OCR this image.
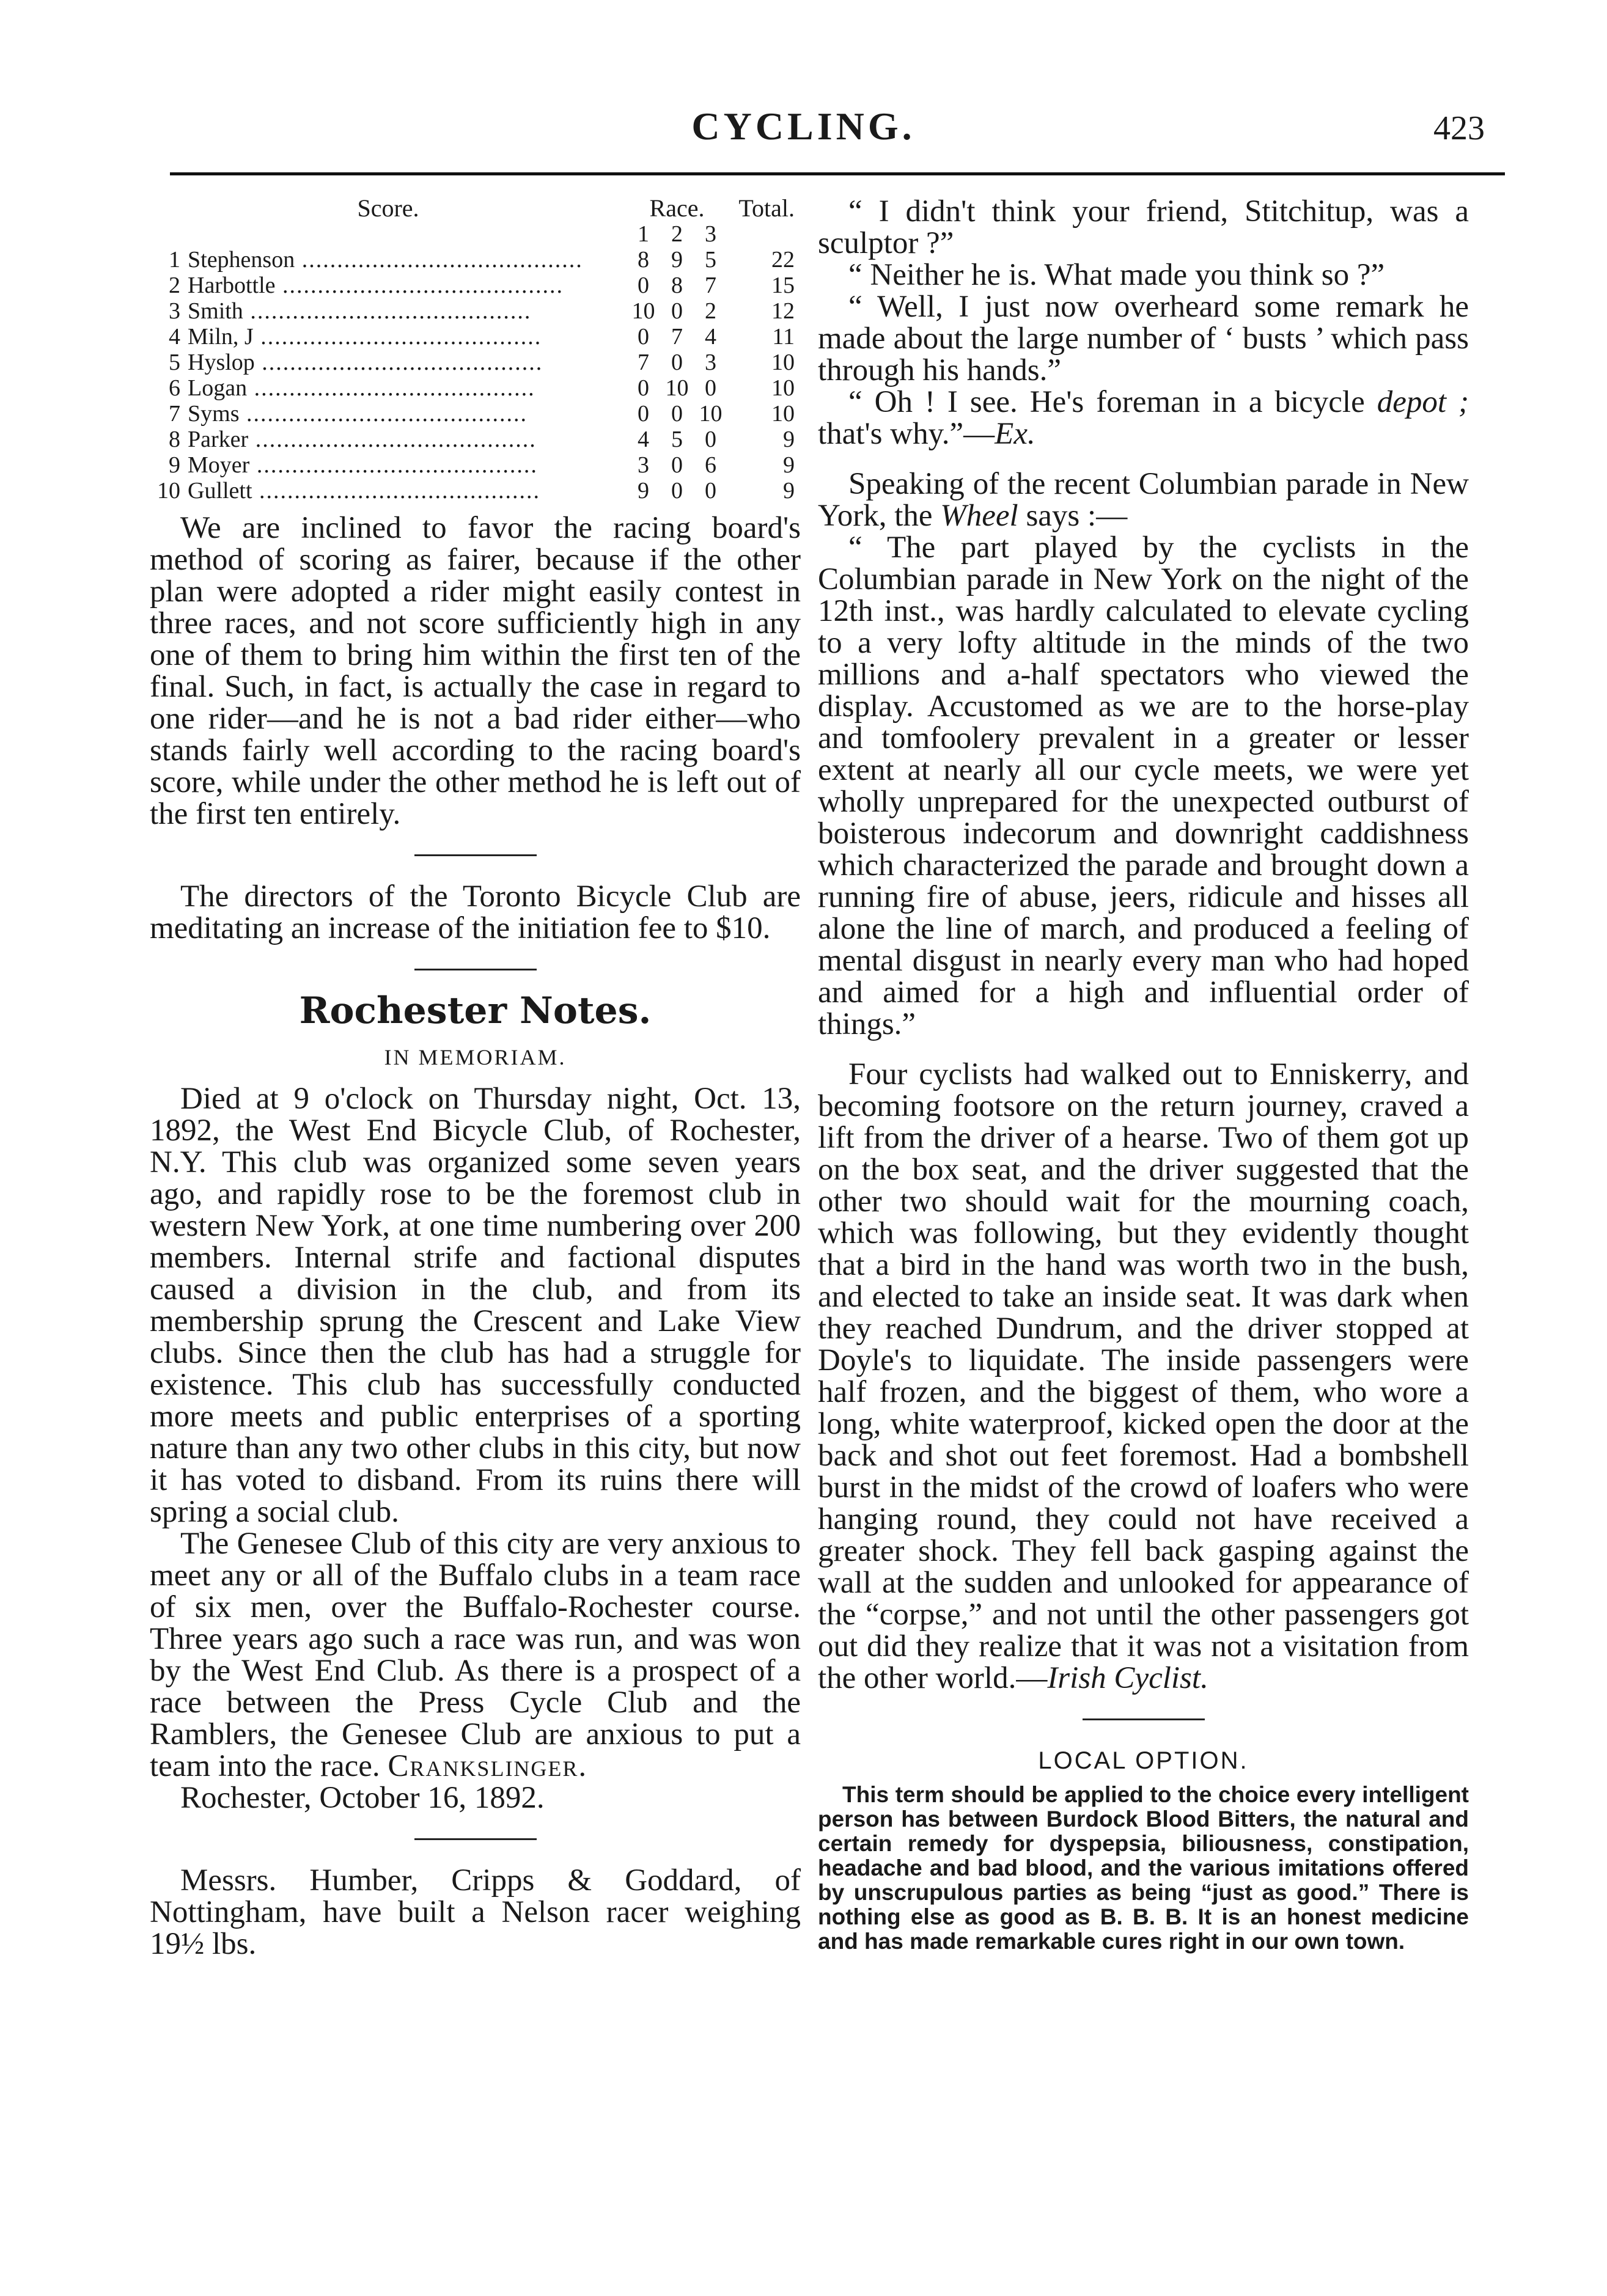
CYCLING.	423
Score.	Race.			Total.
	1	2	3	
1 Stephenson ........................................	8	9	5	22
2 Harbottle ........................................	0	8	7	15
3 Smith ........................................	10	0	2	12
4 Miln, J ........................................	0	7	4	11
5 Hyslop ........................................	7	0	3	10
6 Logan ........................................	0	10	0	10
7 Syms ........................................	0	0	10	10
8 Parker ........................................	4	5	0	9
9 Moyer ........................................	3	0	6	9
10 Gullett ........................................	9	0	0	9

We are inclined to favor the racing board's method of scoring as fairer, because if the other plan were adopted a rider might easily contest in three races, and not score sufficiently high in any one of them to bring him within the first ten of the final. Such, in fact, is actually the case in regard to one rider—and he is not a bad rider either—who stands fairly well according to the racing board's score, while under the other method he is left out of the first ten entirely.

The directors of the Toronto Bicycle Club are meditating an increase of the initiation fee to $10.

Rochester Notes.
IN MEMORIAM.

Died at 9 o'clock on Thursday night, Oct. 13, 1892, the West End Bicycle Club, of Rochester, N.Y. This club was organized some seven years ago, and rapidly rose to be the foremost club in western New York, at one time numbering over 200 members. Internal strife and factional disputes caused a division in the club, and from its membership sprung the Crescent and Lake View clubs. Since then the club has had a struggle for existence. This club has successfully conducted more meets and public enterprises of a sporting nature than any two other clubs in this city, but now it has voted to disband. From its ruins there will spring a social club.

The Genesee Club of this city are very anxious to meet any or all of the Buffalo clubs in a team race of six men, over the Buffalo-Rochester course. Three years ago such a race was run, and was won by the West End Club. As there is a prospect of a race between the Press Cycle Club and the Ramblers, the Genesee Club are anxious to put a team into the race. Crankslinger.

Rochester, October 16, 1892.

Messrs. Humber, Cripps & Goddard, of Nottingham, have built a Nelson racer weighing 19½ lbs.

“ I didn't think your friend, Stitchitup, was a sculptor ?”

“ Neither he is. What made you think so ?”

“ Well, I just now overheard some remark he made about the large number of ‘ busts ’ which pass through his hands.”

“ Oh ! I see. He's foreman in a bicycle depot ; that's why.”—Ex.

Speaking of the recent Columbian parade in New York, the Wheel says :—

“ The part played by the cyclists in the Columbian parade in New York on the night of the 12th inst., was hardly calculated to elevate cycling to a very lofty altitude in the minds of the two millions and a-half spectators who viewed the display. Accustomed as we are to the horse-play and tomfoolery prevalent in a greater or lesser extent at nearly all our cycle meets, we were yet wholly unprepared for the unexpected outburst of boisterous indecorum and downright caddishness which characterized the parade and brought down a running fire of abuse, jeers, ridicule and hisses all alone the line of march, and produced a feeling of mental disgust in nearly every man who had hoped and aimed for a high and influential order of things.”

Four cyclists had walked out to Enniskerry, and becoming footsore on the return journey, craved a lift from the driver of a hearse. Two of them got up on the box seat, and the driver suggested that the other two should wait for the mourning coach, which was following, but they evidently thought that a bird in the hand was worth two in the bush, and elected to take an inside seat. It was dark when they reached Dundrum, and the driver stopped at Doyle's to liquidate. The inside passengers were half frozen, and the biggest of them, who wore a long, white waterproof, kicked open the door at the back and shot out feet foremost. Had a bombshell burst in the midst of the crowd of loafers who were hanging round, they could not have received a greater shock. They fell back gasping against the wall at the sudden and unlooked for appearance of the “corpse,” and not until the other passengers got out did they realize that it was not a visitation from the other world.—Irish Cyclist.

LOCAL OPTION.

This term should be applied to the choice every intelligent person has between Burdock Blood Bitters, the natural and certain remedy for dyspepsia, biliousness, constipation, headache and bad blood, and the various imitations offered by unscrupulous parties as being “just as good.” There is nothing else as good as B. B. B. It is an honest medicine and has made remarkable cures right in our own town.
